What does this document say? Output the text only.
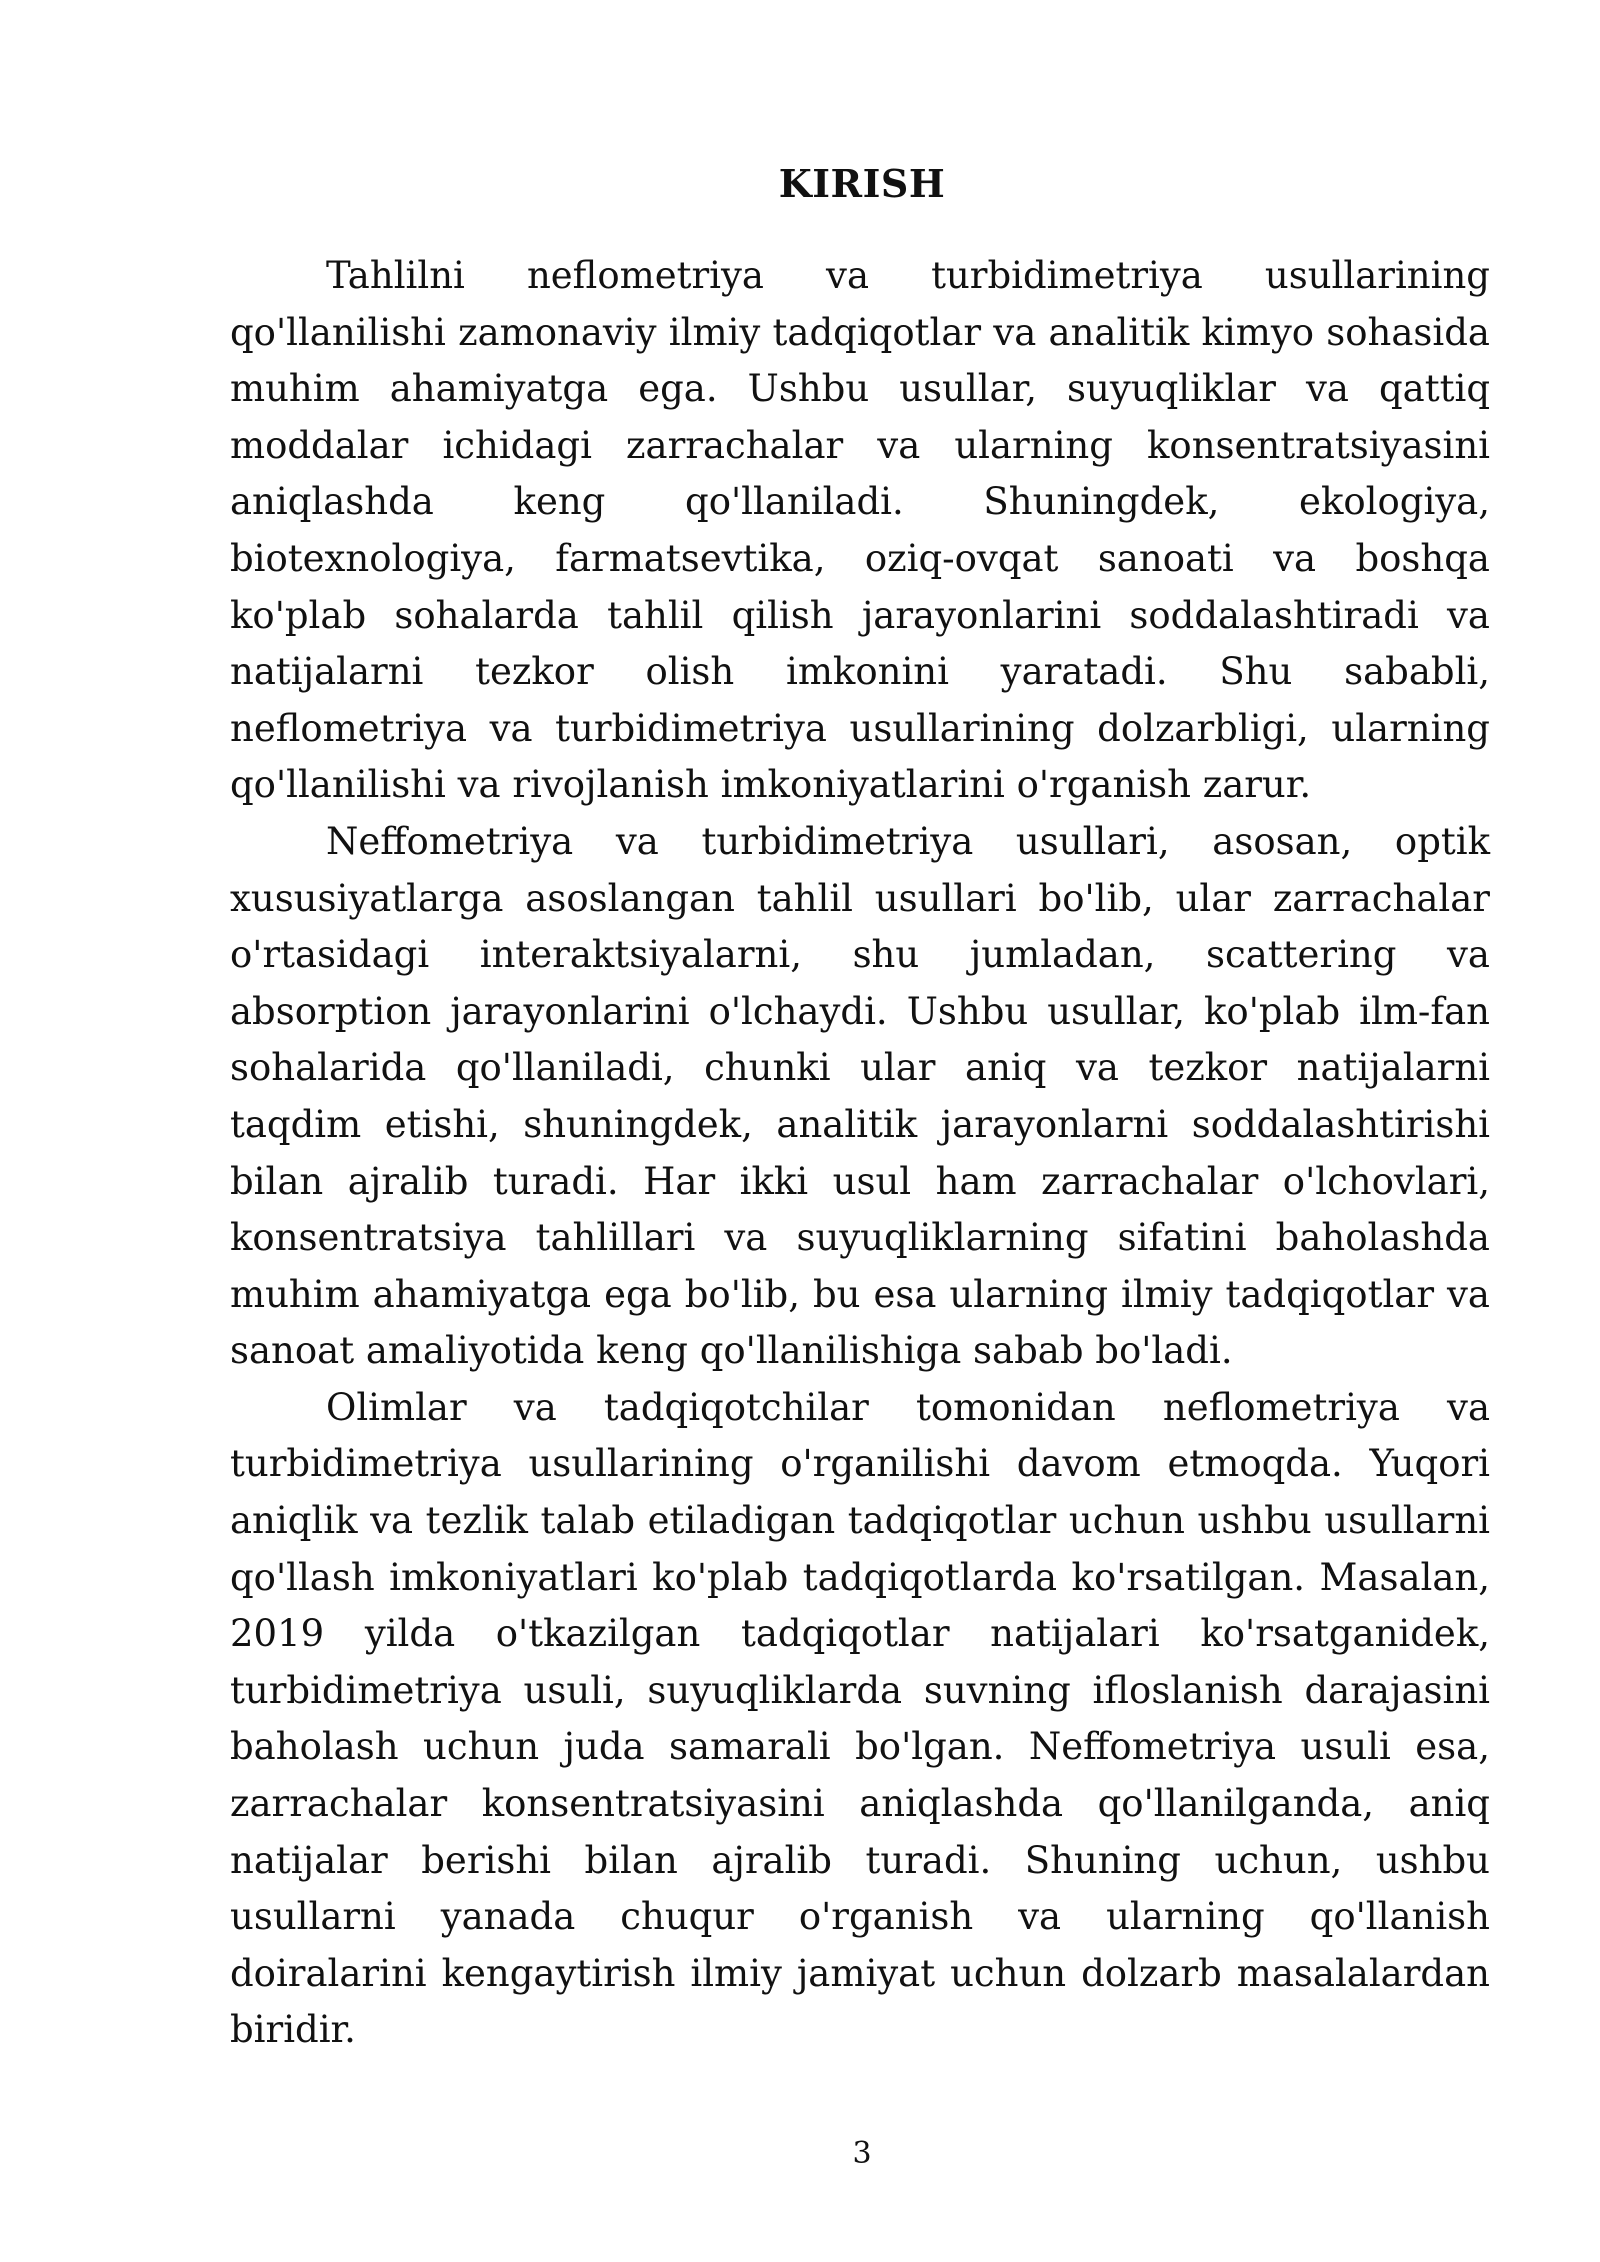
KIRISH

Tahlilni neflometriya va turbidimetriya usullarining qo'llanilishi zamonaviy ilmiy tadqiqotlar va analitik kimyo sohasida muhim ahamiyatga ega. Ushbu usullar, suyuqliklar va qattiq moddalar ichidagi zarrachalar va ularning konsentratsiyasini aniqlashda keng qo'llaniladi. Shuningdek, ekologiya, biotexnologiya, farmatsevtika, oziq-ovqat sanoati va boshqa ko'plab sohalarda tahlil qilish jarayonlarini soddalashtiradi va natijalarni tezkor olish imkonini yaratadi. Shu sababli, neflometriya va turbidimetriya usullarining dolzarbligi, ularning qo'llanilishi va rivojlanish imkoniyatlarini o'rganish zarur.

Neffometriya va turbidimetriya usullari, asosan, optik xususiyatlarga asoslangan tahlil usullari bo'lib, ular zarrachalar o'rtasidagi interaktsiyalarni, shu jumladan, scattering va absorption jarayonlarini o'lchaydi. Ushbu usullar, ko'plab ilm-fan sohalarida qo'llaniladi, chunki ular aniq va tezkor natijalarni taqdim etishi, shuningdek, analitik jarayonlarni soddalashtirishi bilan ajralib turadi. Har ikki usul ham zarrachalar o'lchovlari, konsentratsiya tahlillari va suyuqliklarning sifatini baholashda muhim ahamiyatga ega bo'lib, bu esa ularning ilmiy tadqiqotlar va sanoat amaliyotida keng qo'llanilishiga sabab bo'ladi.

Olimlar va tadqiqotchilar tomonidan neflometriya va turbidimetriya usullarining o'rganilishi davom etmoqda. Yuqori aniqlik va tezlik talab etiladigan tadqiqotlar uchun ushbu usullarni qo'llash imkoniyatlari ko'plab tadqiqotlarda ko'rsatilgan. Masalan, 2019 yilda o'tkazilgan tadqiqotlar natijalari ko'rsatganidek, turbidimetriya usuli, suyuqliklarda suvning ifloslanish darajasini baholash uchun juda samarali bo'lgan. Neffometriya usuli esa, zarrachalar konsentratsiyasini aniqlashda qo'llanilganda, aniq natijalar berishi bilan ajralib turadi. Shuning uchun, ushbu usullarni yanada chuqur o'rganish va ularning qo'llanish doiralarini kengaytirish ilmiy jamiyat uchun dolzarb masalalardan biridir.

3
